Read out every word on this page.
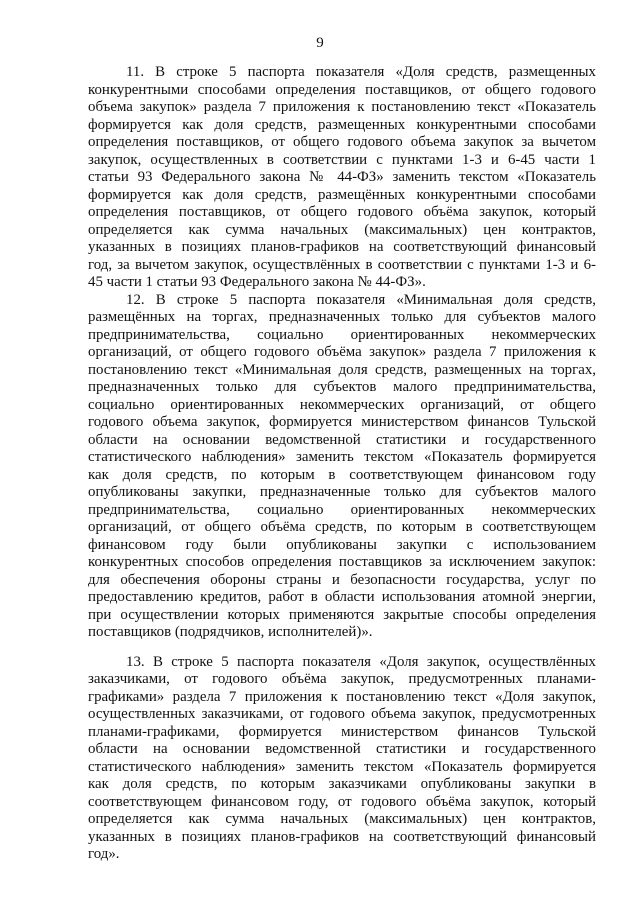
9
11. В строке 5 паспорта показателя «Доля средств, размещенных
конкурентными способами определения поставщиков, от общего годового
объема закупок» раздела 7 приложения к постановлению текст «Показатель
формируется как доля средств, размещенных конкурентными способами
определения поставщиков, от общего годового объема закупок за вычетом
закупок, осуществленных в соответствии с пунктами 1-3 и 6-45 части 1
статьи 93 Федерального закона № 44-ФЗ» заменить текстом «Показатель
формируется как доля средств, размещённых конкурентными способами
определения поставщиков, от общего годового объёма закупок, который
определяется как сумма начальных (максимальных) цен контрактов,
указанных в позициях планов-графиков на соответствующий финансовый
год, за вычетом закупок, осуществлённых в соответствии с пунктами 1-3 и 6-
45 части 1 статьи 93 Федерального закона № 44-ФЗ».
12. В строке 5 паспорта показателя «Минимальная доля средств,
размещённых на торгах, предназначенных только для субъектов малого
предпринимательства, социально ориентированных некоммерческих
организаций, от общего годового объёма закупок» раздела 7 приложения к
постановлению текст «Минимальная доля средств, размещенных на торгах,
предназначенных только для субъектов малого предпринимательства,
социально ориентированных некоммерческих организаций, от общего
годового объема закупок, формируется министерством финансов Тульской
области на основании ведомственной статистики и государственного
статистического наблюдения» заменить текстом «Показатель формируется
как доля средств, по которым в соответствующем финансовом году
опубликованы закупки, предназначенные только для субъектов малого
предпринимательства, социально ориентированных некоммерческих
организаций, от общего объёма средств, по которым в соответствующем
финансовом году были опубликованы закупки с использованием
конкурентных способов определения поставщиков за исключением закупок:
для обеспечения обороны страны и безопасности государства, услуг по
предоставлению кредитов, работ в области использования атомной энергии,
при осуществлении которых применяются закрытые способы определения
поставщиков (подрядчиков, исполнителей)».
13. В строке 5 паспорта показателя «Доля закупок, осуществлённых
заказчиками, от годового объёма закупок, предусмотренных планами-
графиками» раздела 7 приложения к постановлению текст «Доля закупок,
осуществленных заказчиками, от годового объема закупок, предусмотренных
планами-графиками, формируется министерством финансов Тульской
области на основании ведомственной статистики и государственного
статистического наблюдения» заменить текстом «Показатель формируется
как доля средств, по которым заказчиками опубликованы закупки в
соответствующем финансовом году, от годового объёма закупок, который
определяется как сумма начальных (максимальных) цен контрактов,
указанных в позициях планов-графиков на соответствующий финансовый
год».
